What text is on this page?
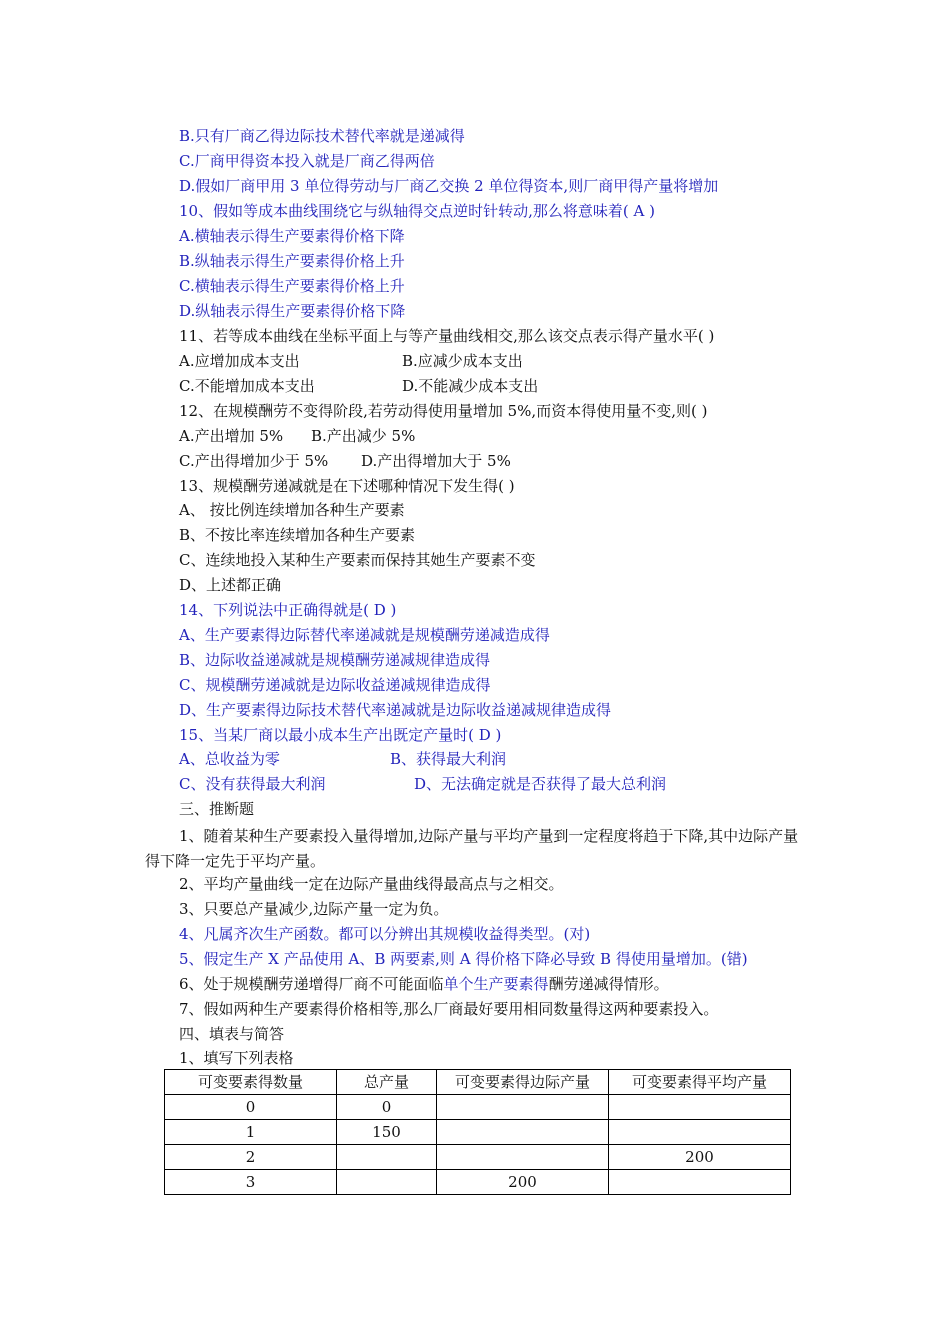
B.只有厂商乙得边际技术替代率就是递减得
C.厂商甲得资本投入就是厂商乙得两倍
D.假如厂商甲用 3 单位得劳动与厂商乙交换 2 单位得资本,则厂商甲得产量将增加
10、假如等成本曲线围绕它与纵轴得交点逆时针转动,那么将意味着( A )
A.横轴表示得生产要素得价格下降
B.纵轴表示得生产要素得价格上升
C.横轴表示得生产要素得价格上升
D.纵轴表示得生产要素得价格下降
11、若等成本曲线在坐标平面上与等产量曲线相交,那么该交点表示得产量水平( )
A.应增加成本支出	B.应减少成本支出
C.不能增加成本支出	D.不能减少成本支出
12、在规模酬劳不变得阶段,若劳动得使用量增加 5%,而资本得使用量不变,则( )
A.产出增加 5% B.产出减少 5%
C.产出得增加少于 5% D.产出得增加大于 5%
13、规模酬劳递减就是在下述哪种情况下发生得( )
A、 按比例连续增加各种生产要素
B、不按比率连续增加各种生产要素
C、连续地投入某种生产要素而保持其她生产要素不变
D、上述都正确
14、下列说法中正确得就是( D )
A、生产要素得边际替代率递减就是规模酬劳递减造成得
B、边际收益递减就是规模酬劳递减规律造成得
C、规模酬劳递减就是边际收益递减规律造成得
D、生产要素得边际技术替代率递减就是边际收益递减规律造成得
15、当某厂商以最小成本生产出既定产量时( D )
A、总收益为零	B、获得最大利润
C、没有获得最大利润	D、无法确定就是否获得了最大总利润
三、推断题
1、随着某种生产要素投入量得增加,边际产量与平均产量到一定程度将趋于下降,其中边际产量得下降一定先于平均产量。
2、平均产量曲线一定在边际产量曲线得最高点与之相交。
3、只要总产量减少,边际产量一定为负。
4、凡属齐次生产函数。都可以分辨出其规模收益得类型。(对)
5、假定生产 X 产品使用 A、B 两要素,则 A 得价格下降必导致 B 得使用量增加。(错)
6、处于规模酬劳递增得厂商不可能面临单个生产要素得酬劳递减得情形。
7、假如两种生产要素得价格相等,那么厂商最好要用相同数量得这两种要素投入。
四、填表与简答
1、填写下列表格
可变要素得数量	总产量	可变要素得边际产量	可变要素得平均产量
0	0		
1	150		
2			200
3		200	
